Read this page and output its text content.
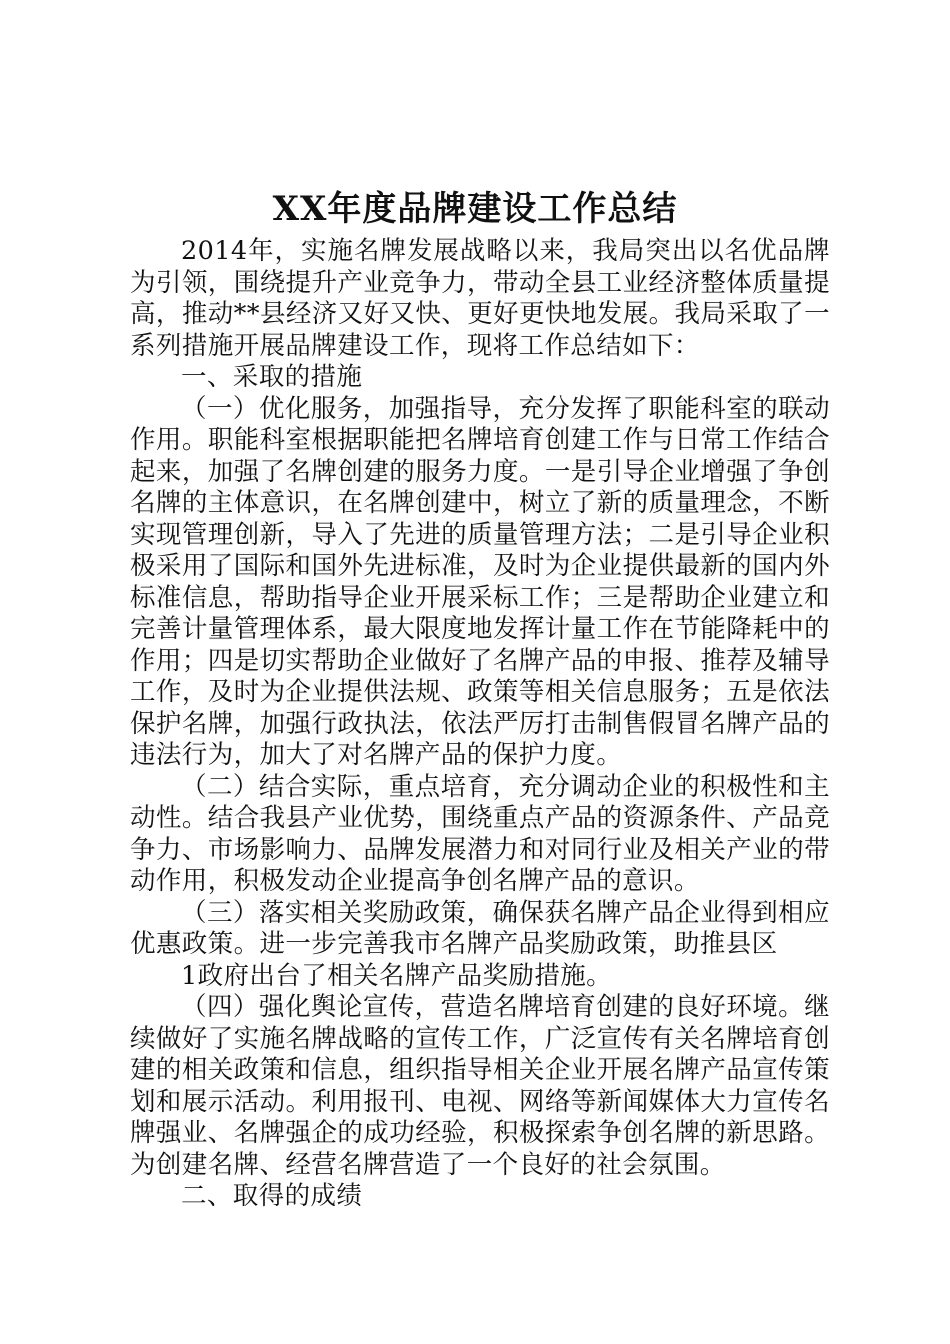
XX年度品牌建设工作总结

2014年，实施名牌发展战略以来，我局突出以名优品牌为引领，围绕提升产业竞争力，带动全县工业经济整体质量提高，推动**县经济又好又快、更好更快地发展。我局采取了一系列措施开展品牌建设工作，现将工作总结如下：

一、采取的措施

（一）优化服务，加强指导，充分发挥了职能科室的联动作用。职能科室根据职能把名牌培育创建工作与日常工作结合起来，加强了名牌创建的服务力度。一是引导企业增强了争创名牌的主体意识，在名牌创建中，树立了新的质量理念，不断实现管理创新，导入了先进的质量管理方法；二是引导企业积极采用了国际和国外先进标准，及时为企业提供最新的国内外标准信息，帮助指导企业开展采标工作；三是帮助企业建立和完善计量管理体系，最大限度地发挥计量工作在节能降耗中的作用；四是切实帮助企业做好了名牌产品的申报、推荐及辅导工作，及时为企业提供法规、政策等相关信息服务；五是依法保护名牌，加强行政执法，依法严厉打击制售假冒名牌产品的违法行为，加大了对名牌产品的保护力度。

（二）结合实际，重点培育，充分调动企业的积极性和主动性。结合我县产业优势，围绕重点产品的资源条件、产品竞争力、市场影响力、品牌发展潜力和对同行业及相关产业的带动作用，积极发动企业提高争创名牌产品的意识。

（三）落实相关奖励政策，确保获名牌产品企业得到相应优惠政策。进一步完善我市名牌产品奖励政策，助推县区

1政府出台了相关名牌产品奖励措施。

（四）强化舆论宣传，营造名牌培育创建的良好环境。继续做好了实施名牌战略的宣传工作，广泛宣传有关名牌培育创建的相关政策和信息，组织指导相关企业开展名牌产品宣传策划和展示活动。利用报刊、电视、网络等新闻媒体大力宣传名牌强业、名牌强企的成功经验，积极探索争创名牌的新思路。为创建名牌、经营名牌营造了一个良好的社会氛围。

二、取得的成绩
